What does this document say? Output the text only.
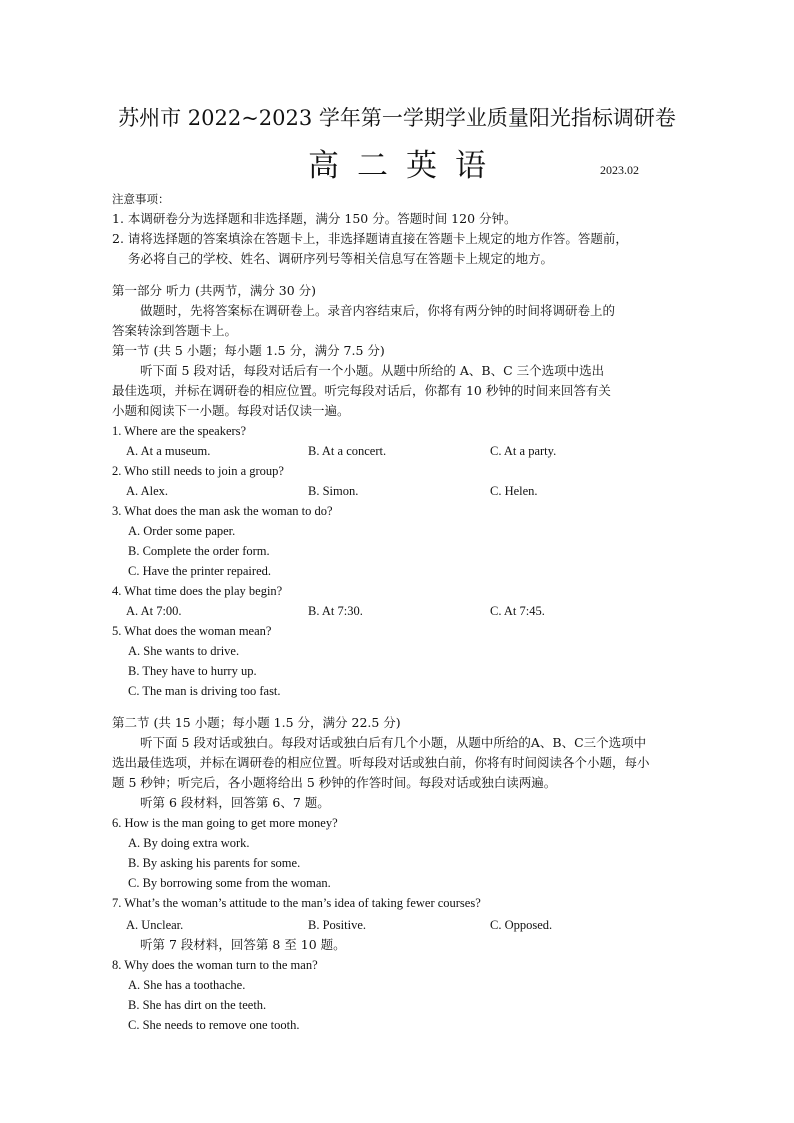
苏州市 2022~2023 学年第一学期学业质量阳光指标调研卷
高二英语	2023.02
注意事项：
1. 本调研卷分为选择题和非选择题，满分 150 分。答题时间 120 分钟。
2. 请将选择题的答案填涂在答题卡上，非选择题请直接在答题卡上规定的地方作答。答题前，
务必将自己的学校、姓名、调研序列号等相关信息写在答题卡上规定的地方。
第一部分 听力 (共两节，满分 30 分)
做题时，先将答案标在调研卷上。录音内容结束后，你将有两分钟的时间将调研卷上的
答案转涂到答题卡上。
第一节 (共 5 小题；每小题 1.5 分，满分 7.5 分)
听下面 5 段对话，每段对话后有一个小题。从题中所给的 A、B、C 三个选项中选出
最佳选项，并标在调研卷的相应位置。听完每段对话后，你都有 10 秒钟的时间来回答有关
小题和阅读下一小题。每段对话仅读一遍。
1. Where are the speakers?
A. At a museum.	B. At a concert.	C. At a party.
2. Who still needs to join a group?
A. Alex.	B. Simon.	C. Helen.
3. What does the man ask the woman to do?
A. Order some paper.
B. Complete the order form.
C. Have the printer repaired.
4. What time does the play begin?
A. At 7:00.	B. At 7:30.	C. At 7:45.
5. What does the woman mean?
A. She wants to drive.
B. They have to hurry up.
C. The man is driving too fast.
第二节 (共 15 小题；每小题 1.5 分，满分 22.5 分)
听下面 5 段对话或独白。每段对话或独白后有几个小题，从题中所给的A、B、C三个选项中
选出最佳选项，并标在调研卷的相应位置。听每段对话或独白前，你将有时间阅读各个小题，每小
题 5 秒钟；听完后，各小题将给出 5 秒钟的作答时间。每段对话或独白读两遍。
听第 6 段材料，回答第 6、7 题。
6. How is the man going to get more money?
A. By doing extra work.
B. By asking his parents for some.
C. By borrowing some from the woman.
7. What’s the woman’s attitude to the man’s idea of taking fewer courses?
A. Unclear.	B. Positive.	C. Opposed.
听第 7 段材料，回答第 8 至 10 题。
8. Why does the woman turn to the man?
A. She has a toothache.
B. She has dirt on the teeth.
C. She needs to remove one tooth.
